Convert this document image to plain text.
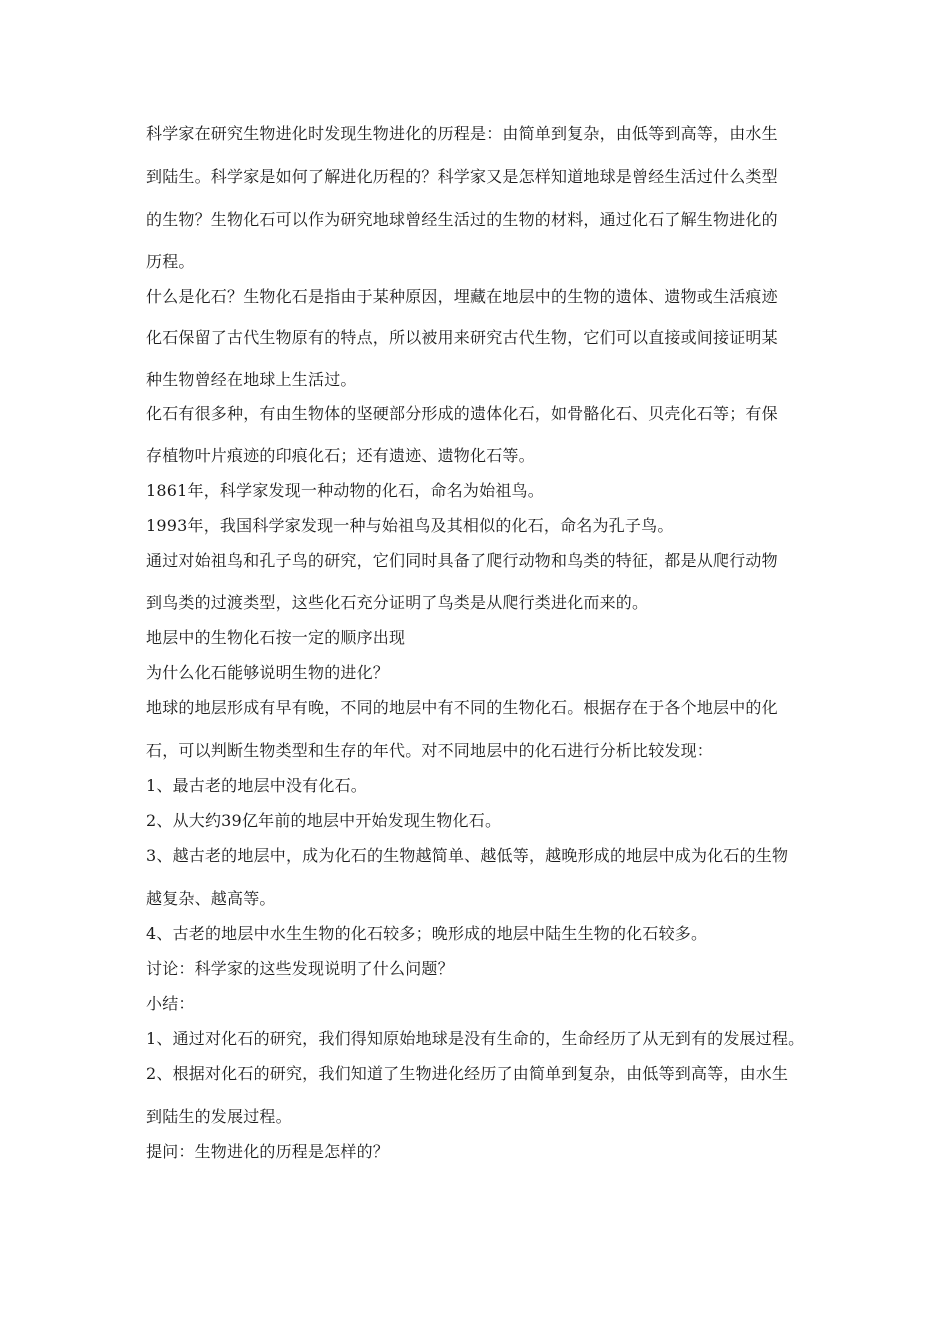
科学家在研究生物进化时发现生物进化的历程是：由简单到复杂，由低等到高等，由水生
到陆生。科学家是如何了解进化历程的？科学家又是怎样知道地球是曾经生活过什么类型
的生物？生物化石可以作为研究地球曾经生活过的生物的材料，通过化石了解生物进化的
历程。
什么是化石？生物化石是指由于某种原因，埋藏在地层中的生物的遗体、遗物或生活痕迹
化石保留了古代生物原有的特点，所以被用来研究古代生物，它们可以直接或间接证明某
种生物曾经在地球上生活过。
化石有很多种，有由生物体的坚硬部分形成的遗体化石，如骨骼化石、贝壳化石等；有保
存植物叶片痕迹的印痕化石；还有遗迹、遗物化石等。
1861年，科学家发现一种动物的化石，命名为始祖鸟。
1993年，我国科学家发现一种与始祖鸟及其相似的化石，命名为孔子鸟。
通过对始祖鸟和孔子鸟的研究，它们同时具备了爬行动物和鸟类的特征，都是从爬行动物
到鸟类的过渡类型，这些化石充分证明了鸟类是从爬行类进化而来的。
地层中的生物化石按一定的顺序出现
为什么化石能够说明生物的进化？
地球的地层形成有早有晚，不同的地层中有不同的生物化石。根据存在于各个地层中的化
石，可以判断生物类型和生存的年代。对不同地层中的化石进行分析比较发现：
1、最古老的地层中没有化石。
2、从大约39亿年前的地层中开始发现生物化石。
3、越古老的地层中，成为化石的生物越简单、越低等，越晚形成的地层中成为化石的生物
越复杂、越高等。
4、古老的地层中水生生物的化石较多；晚形成的地层中陆生生物的化石较多。
讨论：科学家的这些发现说明了什么问题？
小结：
1、通过对化石的研究，我们得知原始地球是没有生命的，生命经历了从无到有的发展过程。
2、根据对化石的研究，我们知道了生物进化经历了由简单到复杂，由低等到高等，由水生
到陆生的发展过程。
提问：生物进化的历程是怎样的？
